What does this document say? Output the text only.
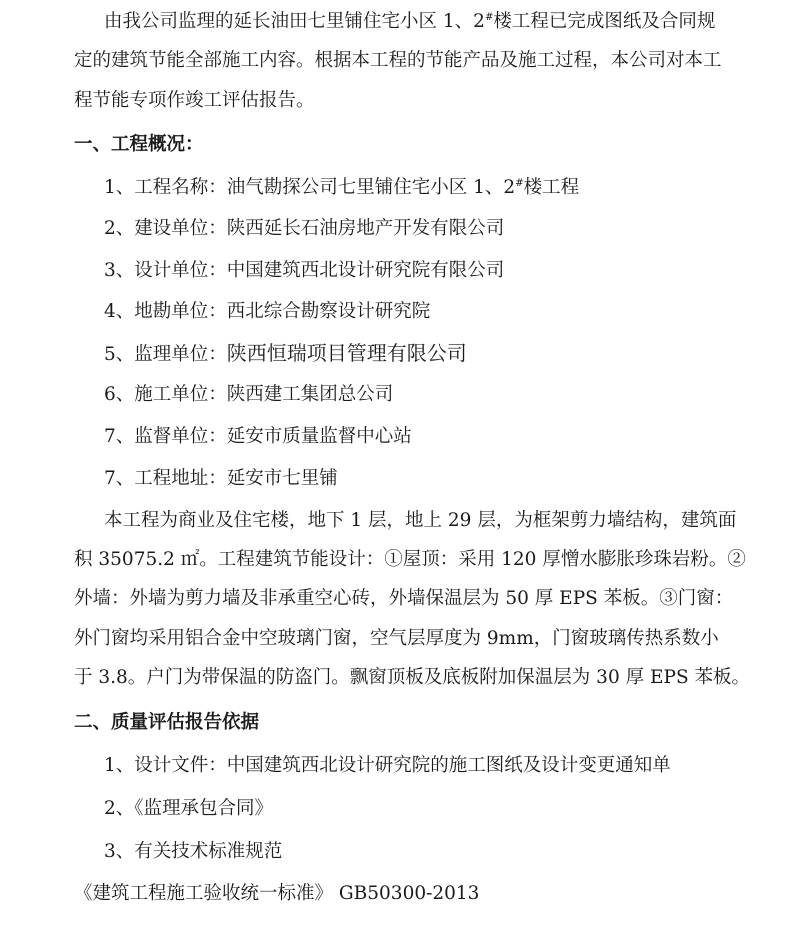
由我公司监理的延长油田七里铺住宅小区 1、2#楼工程已完成图纸及合同规
定的建筑节能全部施工内容。根据本工程的节能产品及施工过程，本公司对本工
程节能专项作竣工评估报告。
一、工程概况：
1、工程名称：油气勘探公司七里铺住宅小区 1、2#楼工程
2、建设单位：陕西延长石油房地产开发有限公司
3、设计单位：中国建筑西北设计研究院有限公司
4、地勘单位：西北综合勘察设计研究院
5、监理单位：陕西恒瑞项目管理有限公司
6、施工单位：陕西建工集团总公司
7、监督单位：延安市质量监督中心站
7、工程地址：延安市七里铺
本工程为商业及住宅楼，地下 1 层，地上 29 层，为框架剪力墙结构，建筑面
积 35075.2 ㎡。工程建筑节能设计：①屋顶：采用 120 厚憎水膨胀珍珠岩粉。②
外墙：外墙为剪力墙及非承重空心砖，外墙保温层为 50 厚 EPS 苯板。③门窗：
外门窗均采用铝合金中空玻璃门窗，空气层厚度为 9mm，门窗玻璃传热系数小
于 3.8。户门为带保温的防盗门。飘窗顶板及底板附加保温层为 30 厚 EPS 苯板。
二、质量评估报告依据
1、设计文件：中国建筑西北设计研究院的施工图纸及设计变更通知单
2、《监理承包合同》
3、有关技术标准规范
《建筑工程施工验收统一标准》 GB50300-2013
